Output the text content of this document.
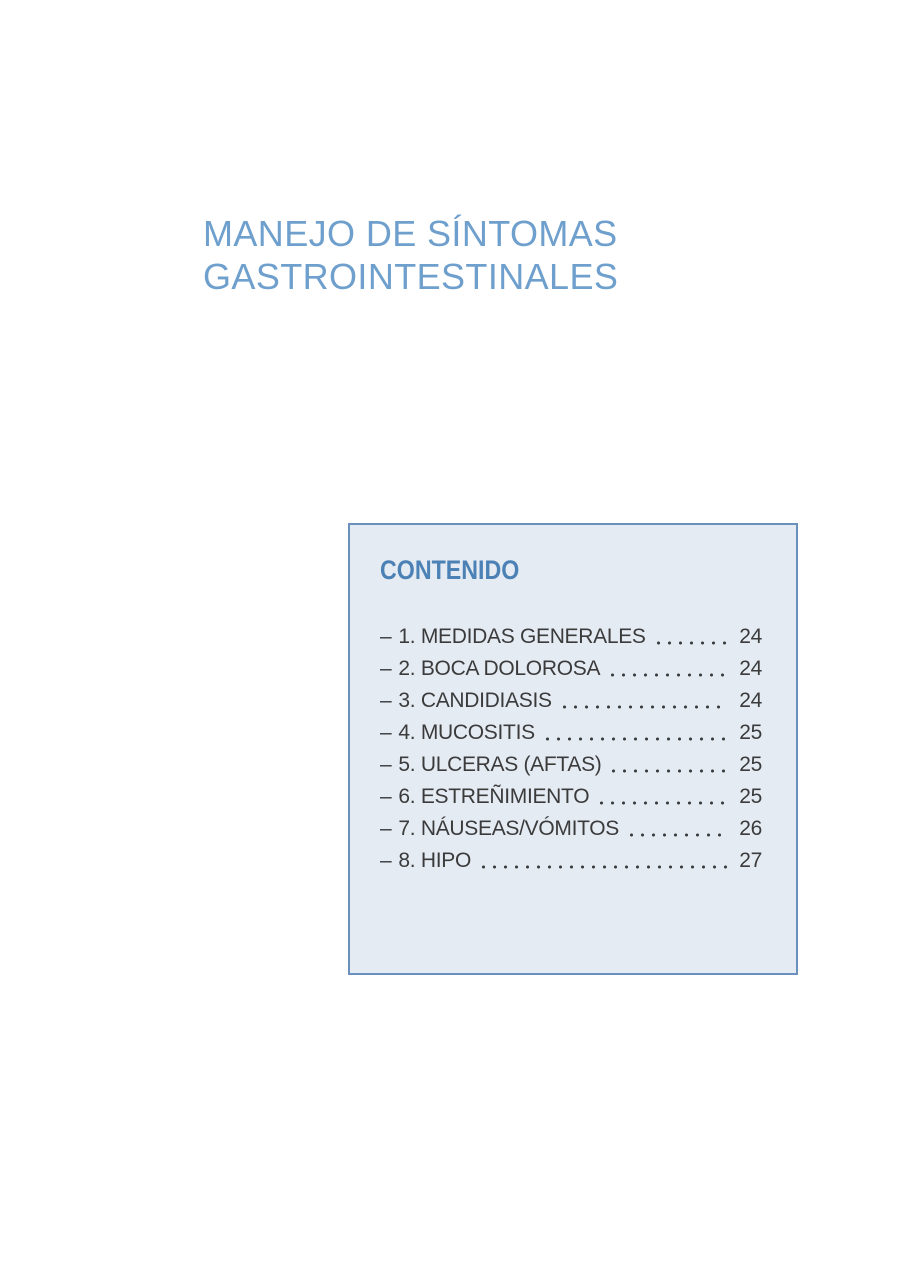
MANEJO DE SÍNTOMAS
GASTROINTESTINALES
CONTENIDO
– 1. MEDIDAS GENERALES	24
– 2. BOCA DOLOROSA	24
– 3. CANDIDIASIS	24
– 4. MUCOSITIS	25
– 5. ULCERAS (AFTAS)	25
– 6. ESTREÑIMIENTO	25
– 7. NÁUSEAS/VÓMITOS	26
– 8. HIPO	27
